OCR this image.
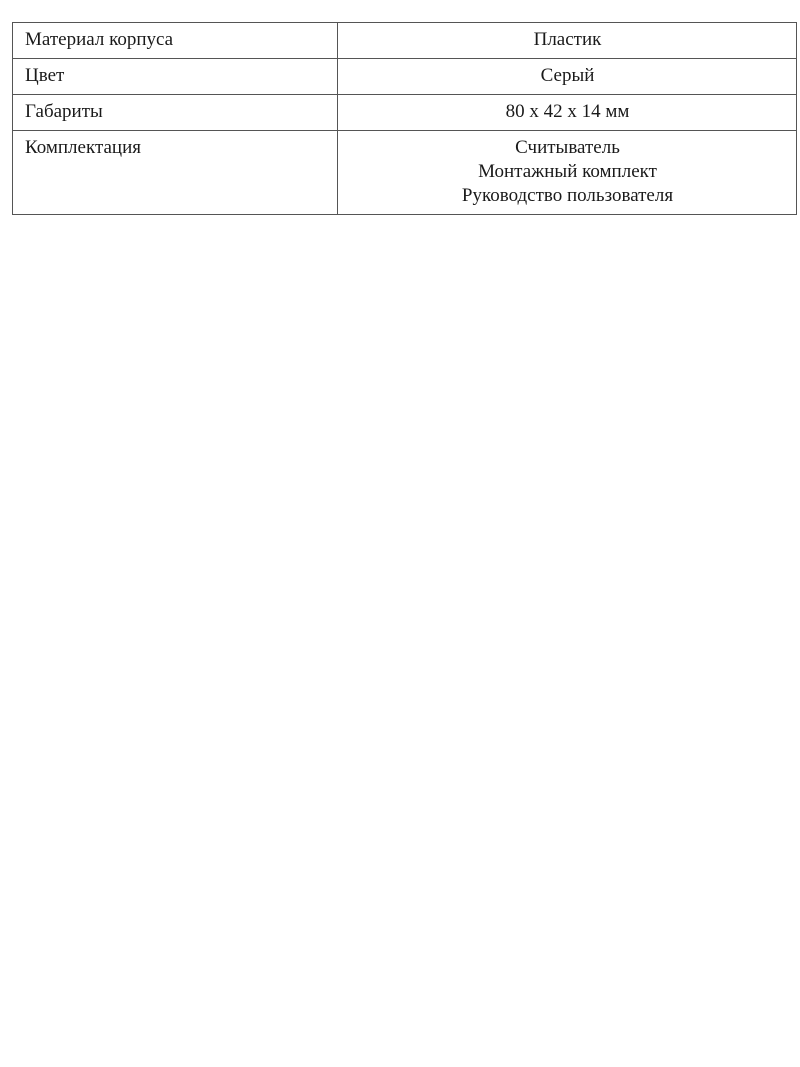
Материал корпуса	Пластик

Цвет	Серый

Габариты	80 х 42 х 14 мм

Комплектация	Считыватель
Монтажный комплект
Руководство пользователя
